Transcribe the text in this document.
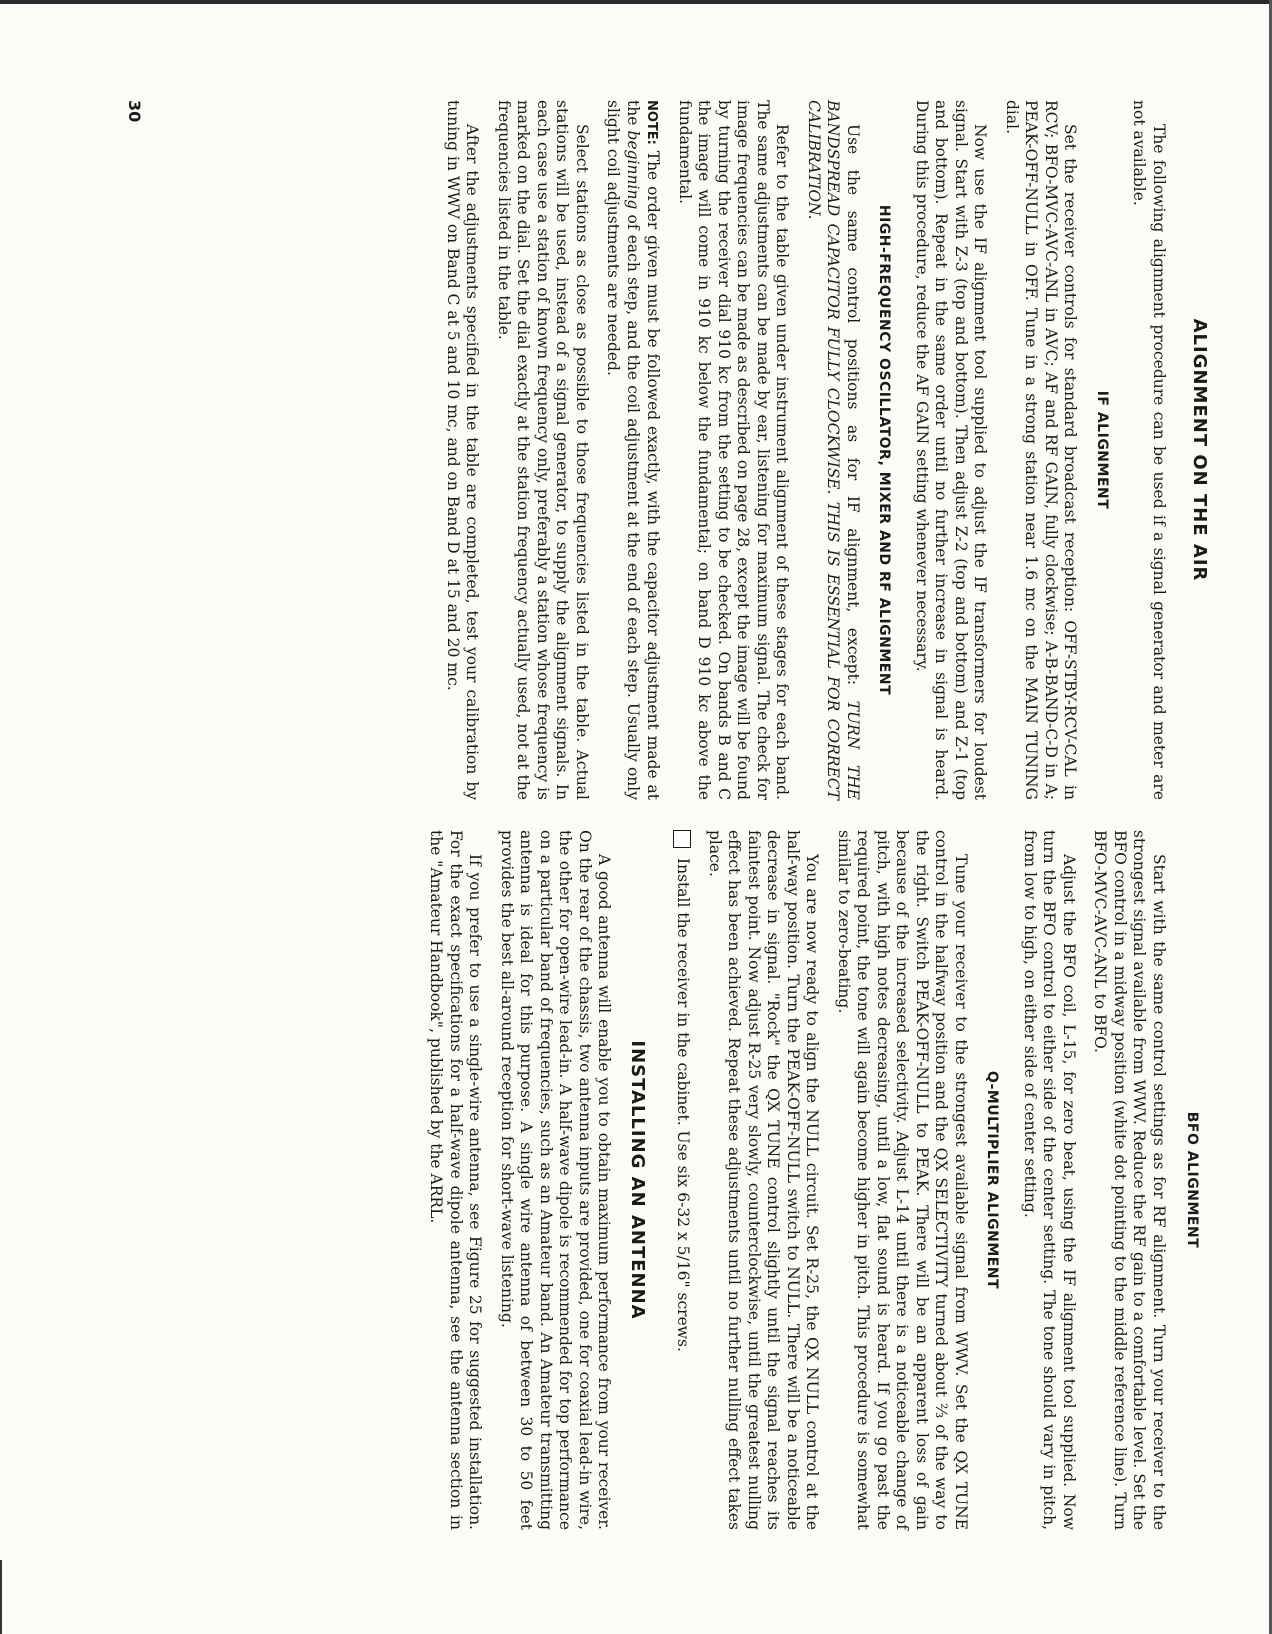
ALIGNMENT ON THE AIR
BFO ALIGNMENT

The following alignment procedure can be used if a signal generator and meter are not available.

IF ALIGNMENT

Set the receiver controls for standard broadcast reception: OFF-STBY-RCV-CAL in RCV; BFO-MVC-AVC-ANL in AVC; AF and RF GAIN, fully clockwise; A-B-BAND-C-D in A; PEAK-OFF-NULL in OFF. Tune in a strong station near 1.6 mc on the MAIN TUNING dial.

Now use the IF alignment tool supplied to adjust the IF transformers for loudest signal. Start with Z-3 (top and bottom). Then adjust Z-2 (top and bottom) and Z-1 (top and bottom). Repeat in the same order until no further increase in signal is heard. During this procedure, reduce the AF GAIN setting whenever necessary.

HIGH-FREQUENCY OSCILLATOR, MIXER AND RF ALIGNMENT

Use the same control positions as for IF alignment, except: TURN THE BANDSPREAD CAPACITOR FULLY CLOCKWISE. THIS IS ESSENTIAL FOR CORRECT CALIBRATION.

Refer to the table given under instrument alignment of these stages for each band. The same adjustments can be made by ear, listening for maximum signal. The check for image frequencies can be made as described on page 28, except the image will be found by turning the receiver dial 910 kc from the setting to be checked. On bands B and C the image will come in 910 kc below the fundamental; on band D 910 kc above the fundamental.

NOTE: The order given must be followed exactly, with the capacitor adjustment made at the beginning of each step, and the coil adjustment at the end of each step. Usually only slight coil adjustments are needed.

Select stations as close as possible to those frequencies listed in the table. Actual stations will be used, instead of a signal generator, to supply the alignment signals. In each case use a station of known frequency only, preferably a station whose frequency is marked on the dial. Set the dial exactly at the station frequency actually used, not at the frequencies listed in the table.

After the adjustments specified in the table are completed, test your calibration by tuning in WWV on Band C at 5 and 10 mc, and on Band D at 15 and 20 mc.

Start with the same control settings as for RF alignment. Turn your receiver to the strongest signal available from WWV. Reduce the RF gain to a comfortable level. Set the BFO control in a midway position (white dot pointing to the middle reference line). Turn BFO-MVC-AVC-ANL to BFO.

Adjust the BFO coil, L-15, for zero beat, using the IF alignment tool supplied. Now turn the BFO control to either side of the center setting. The tone should vary in pitch, from low to high, on either side of center setting.

Q-MULTIPLIER ALIGNMENT

Tune your receiver to the strongest available signal from WWV. Set the QX TUNE control in the halfway position and the QX SELECTIVITY turned about ⅔ of the way to the right. Switch PEAK-OFF-NULL to PEAK. There will be an apparent loss of gain because of the increased selectivity. Adjust L-14 until there is a noticeable change of pitch, with high notes decreasing, until a low, flat sound is heard. If you go past the required point, the tone will again become higher in pitch. This procedure is somewhat similar to zero-beating.

You are now ready to align the NULL circuit. Set R-25, the QX NULL control at the half-way position. Turn the PEAK-OFF-NULL switch to NULL. There will be a noticeable decrease in signal. "Rock" the QX TUNE control slightly until the signal reaches its faintest point. Now adjust R-25 very slowly, counterclockwise, until the greatest nulling effect has been achieved. Repeat these adjustments until no further nulling effect takes place.

Install the receiver in the cabinet. Use six 6-32 x 5/16" screws.
INSTALLING AN ANTENNA

A good antenna will enable you to obtain maximum performance from your receiver. On the rear of the chassis, two antenna inputs are provided, one for coaxial lead-in wire, the other for open-wire lead-in. A half-wave dipole is recommended for top performance on a particular band of frequencies, such as an Amateur band. An Amateur transmitting antenna is ideal for this purpose. A single wire antenna of between 30 to 50 feet provides the best all-around reception for short-wave listening.

If you prefer to use a single-wire antenna, see Figure 25 for suggested installation. For the exact specifications for a half-wave dipole antenna, see the antenna section in the "Amateur Handbook", published by the ARRL.

30
